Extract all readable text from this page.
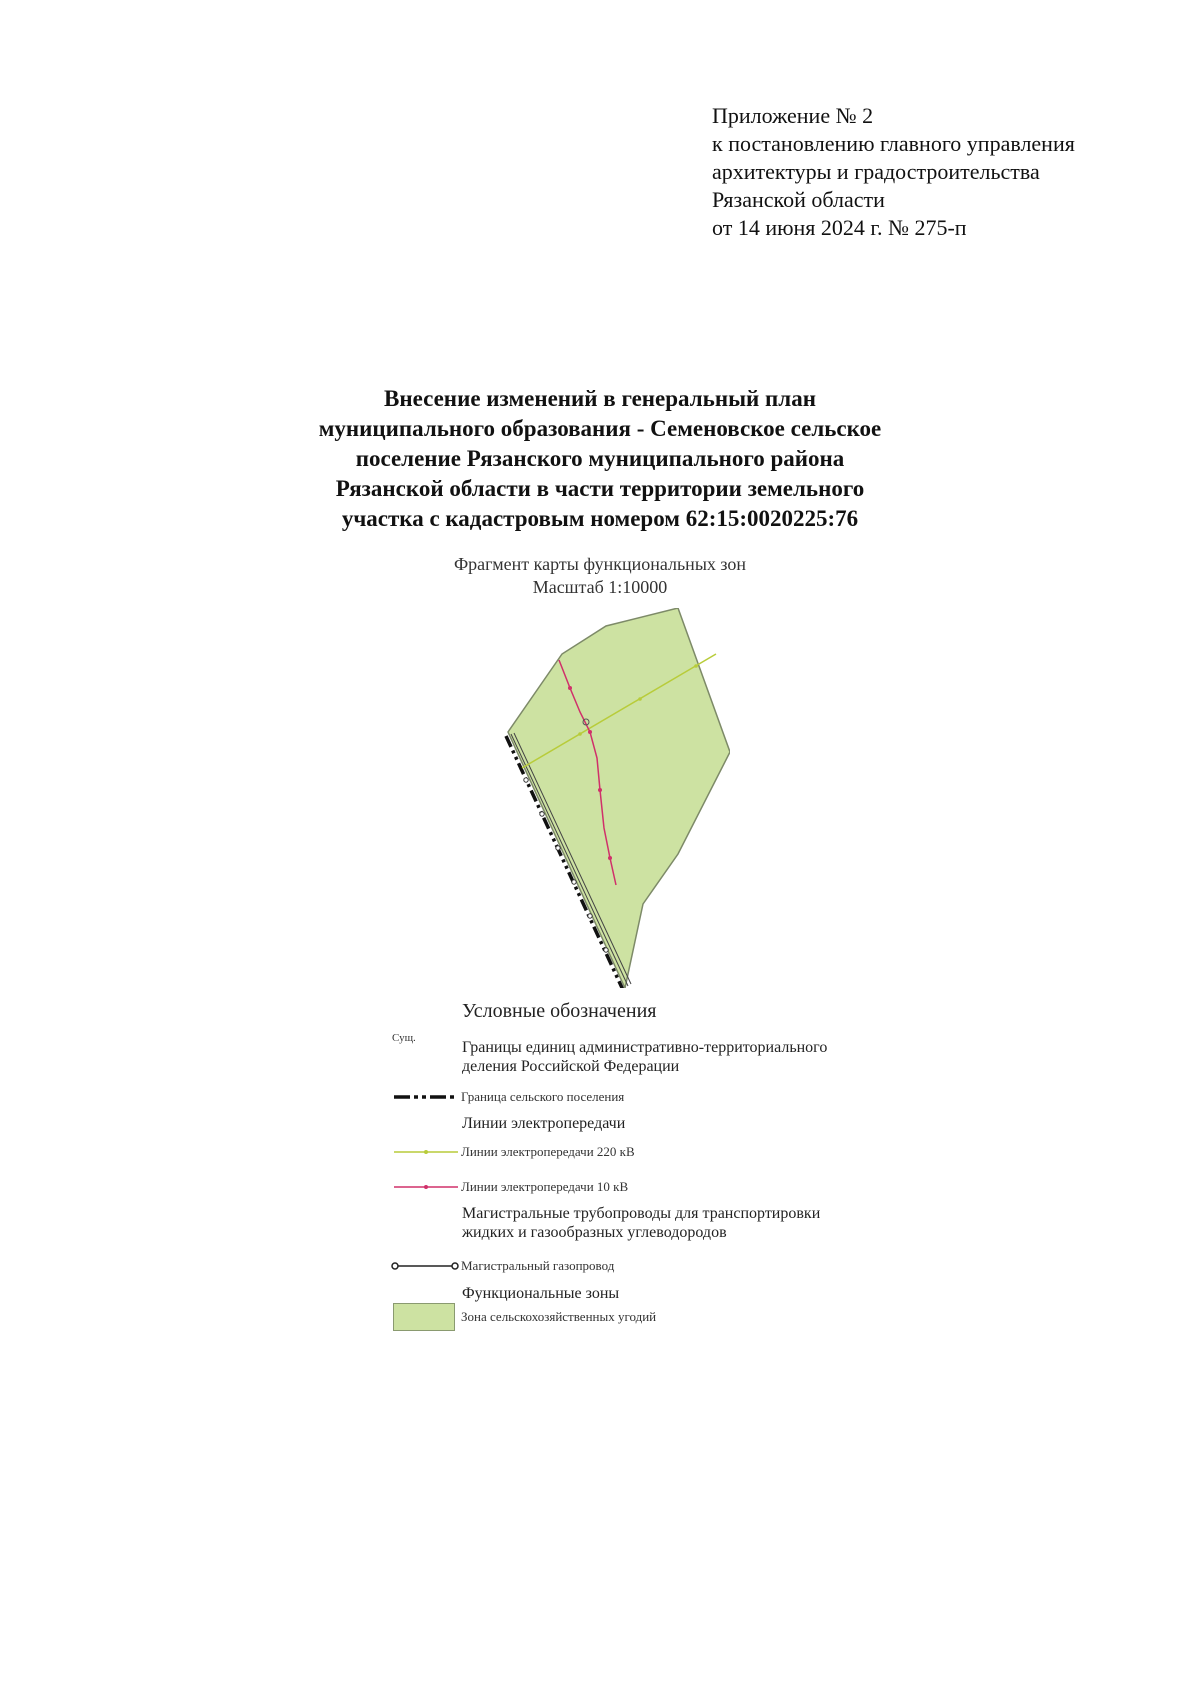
Приложение № 2
к постановлению главного управления
архитектуры и градостроительства
Рязанской области
от 14 июня 2024 г. № 275-п
Внесение изменений в генеральный план
муниципального образования - Семеновское сельское
поселение Рязанского муниципального района
Рязанской области в части территории земельного
участка с кадастровым номером 62:15:0020225:76
Фрагмент карты функциональных зон
Масштаб 1:10000
Условные обозначения
Сущ.
Границы единиц административно-территориального
деления Российской Федерации
Граница сельского поселения
Линии электропередачи
Линии электропередачи 220 кВ
Линии электропередачи 10 кВ
Магистральные трубопроводы для транспортировки
жидких и газообразных углеводородов
Магистральный газопровод
Функциональные зоны
Зона сельскохозяйственных угодий
